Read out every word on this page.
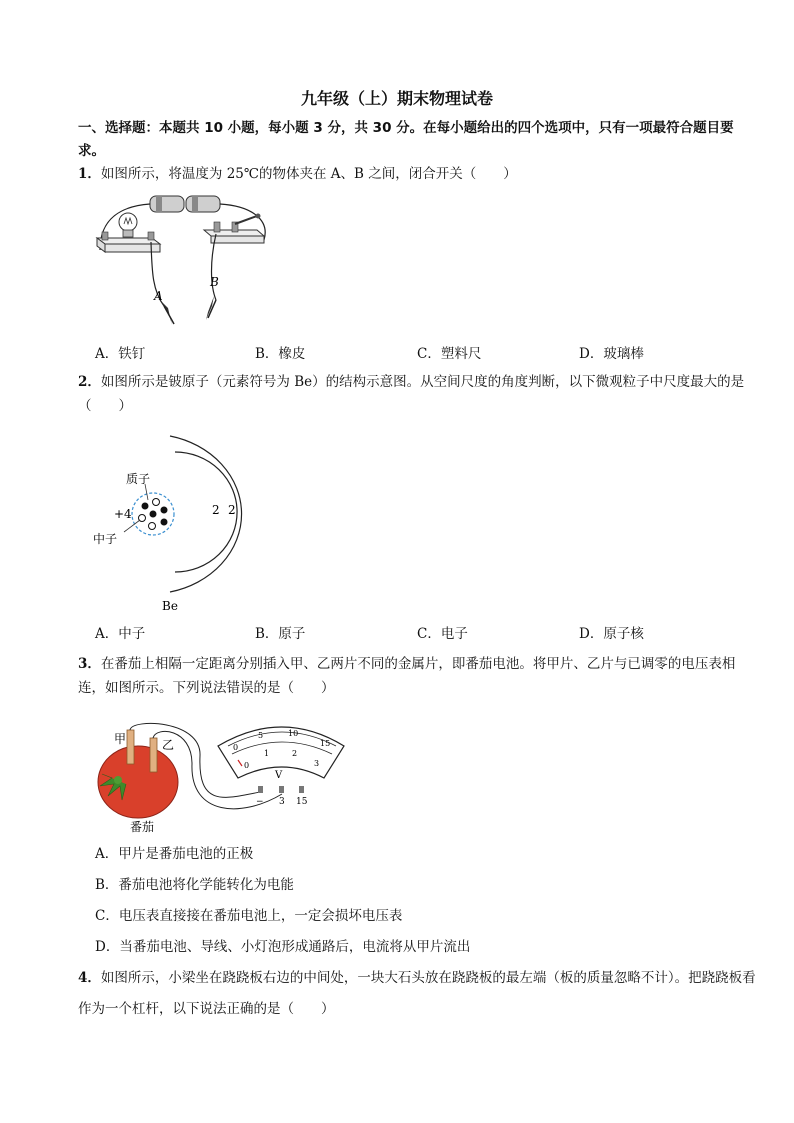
九年级（上）期末物理试卷
一、选择题：本题共 10 小题，每小题 3 分，共 30 分。在每小题给出的四个选项中，只有一项最符合题目要求。
1．如图所示，将温度为 25℃的物体夹在 A、B 之间，闭合开关（　　）
A
B
A．铁钉	B．橡皮	C．塑料尺	D．玻璃棒
2．如图所示是铍原子（元素符号为 Be）的结构示意图。从空间尺度的角度判断，以下微观粒子中尺度最大的是（　　）
质子
+4
中子
2 2
Be
A．中子	B．原子	C．电子	D．原子核
3．在番茄上相隔一定距离分别插入甲、乙两片不同的金属片，即番茄电池。将甲片、乙片与已调零的电压表相连，如图所示。下列说法错误的是（　　）
甲	乙	0
5	10
15
0
1	2
3
V
− 3 15
番茄
A．甲片是番茄电池的正极
B．番茄电池将化学能转化为电能
C．电压表直接接在番茄电池上，一定会损坏电压表
D．当番茄电池、导线、小灯泡形成通路后，电流将从甲片流出
4．如图所示，小梁坐在跷跷板右边的中间处，一块大石头放在跷跷板的最左端（板的质量忽略不计）。把跷跷板看作为一个杠杆，以下说法正确的是（　　）
